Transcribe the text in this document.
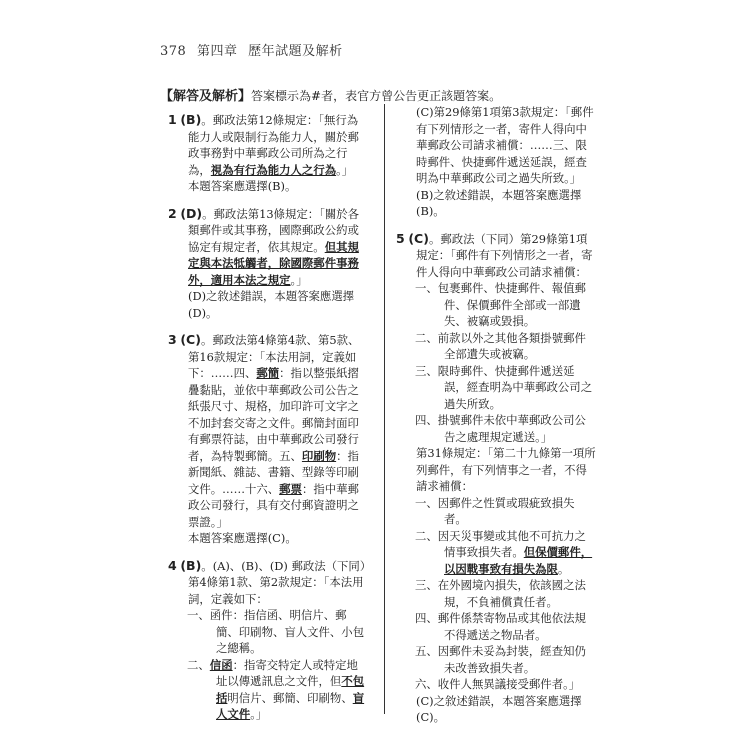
378 第四章 歷年試題及解析
【解答及解析】答案標示為#者，表官方曾公告更正該題答案。

1 (B)。郵政法第12條規定：「無行為能力人或限制行為能力人，關於郵政事務對中華郵政公司所為之行為，視為有行為能力人之行為。」

本題答案應選擇(B)。

2 (D)。郵政法第13條規定：「關於各類郵件或其事務，國際郵政公約或協定有規定者，依其規定。但其規定與本法牴觸者，除國際郵件事務外，適用本法之規定。」

(D)之敘述錯誤，本題答案應選擇(D)。

3 (C)。郵政法第4條第4款、第5款、第16款規定：「本法用詞，定義如下：……四、郵簡：指以整張紙摺疊黏貼，並依中華郵政公司公告之紙張尺寸、規格，加印許可文字之不加封套交寄之文件。郵簡封面印有郵票符誌，由中華郵政公司發行者，為特製郵簡。五、印刷物：指新聞紙、雜誌、書籍、型錄等印刷文件。……十六、郵票：指中華郵政公司發行，具有交付郵資證明之票證。」

本題答案應選擇(C)。

4 (B)。(A)、(B)、(D) 郵政法（下同）第4條第1款、第2款規定：「本法用詞，定義如下：

一、函件：指信函、明信片、郵簡、印刷物、盲人文件、小包之總稱。

二、信函：指寄交特定人或特定地址以傳遞訊息之文件，但不包括明信片、郵簡、印刷物、盲人文件。」

(C)第29條第1項第3款規定：「郵件有下列情形之一者，寄件人得向中華郵政公司請求補償：……三、限時郵件、快捷郵件遞送延誤，經查明為中華郵政公司之過失所致。」

(B)之敘述錯誤，本題答案應選擇(B)。

5 (C)。郵政法（下同）第29條第1項規定：「郵件有下列情形之一者，寄件人得向中華郵政公司請求補償：

一、包裹郵件、快捷郵件、報值郵件、保價郵件全部或一部遺失、被竊或毀損。

二、前款以外之其他各類掛號郵件全部遺失或被竊。

三、限時郵件、快捷郵件遞送延誤，經查明為中華郵政公司之過失所致。

四、掛號郵件未依中華郵政公司公告之處理規定遞送。」

第31條規定：「第二十九條第一項所列郵件，有下列情事之一者，不得請求補償：

一、因郵件之性質或瑕疵致損失者。

二、因天災事變或其他不可抗力之情事致損失者。但保價郵件，以因戰事致有損失為限。

三、在外國境內損失，依該國之法規，不負補償責任者。

四、郵件係禁寄物品或其他依法規不得遞送之物品者。

五、因郵件未妥為封裝，經查知仍未改善致損失者。

六、收件人無異議接受郵件者。」

(C)之敘述錯誤，本題答案應選擇(C)。
